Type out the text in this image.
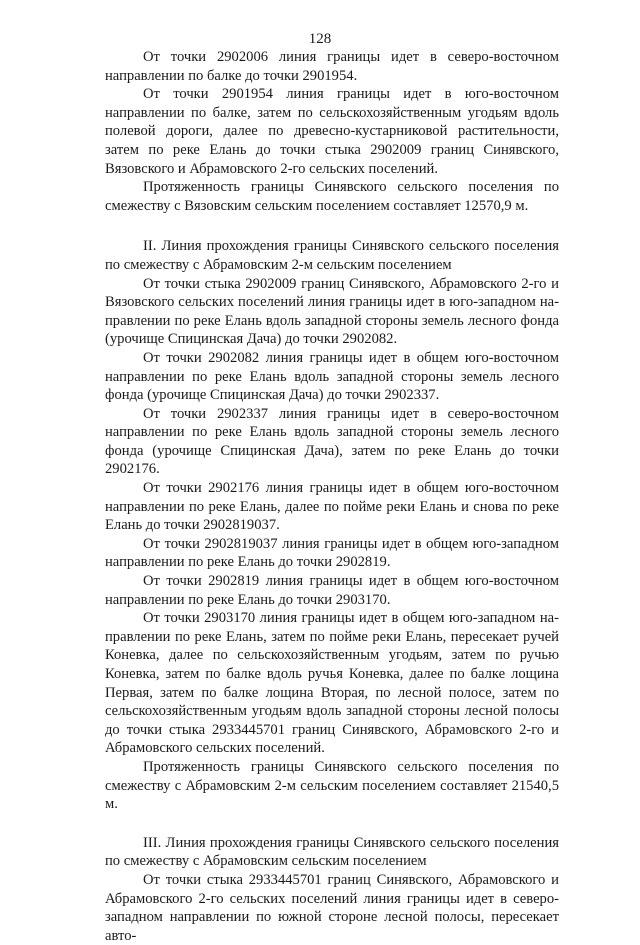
128

От точки 2902006 линия границы идет в северо-восточном направлении по балке до точки 2901954.

От точки 2901954 линия границы идет в юго-восточном направлении по балке, затем по сельскохозяйственным угодьям вдоль полевой дороги, далее по древесно-кустарниковой растительности, затем по реке Елань до точки стыка 2902009 границ Синявского, Вязовского и Абрамовского 2-го сельских поселений.

Протяженность границы Синявского сельского поселения по смежеству с Вязовским сельским поселением составляет 12570,9 м.

II. Линия прохождения границы Синявского сельского поселения по смежеству с Абрамовским 2-м сельским поселением

От точки стыка 2902009 границ Синявского, Абрамовского 2-го и Вязовского сельских поселений линия границы идет в юго-западном направлении по реке Елань вдоль западной стороны земель лесного фонда (урочище Спицинская Дача) до точки 2902082.

От точки 2902082 линия границы идет в общем юго-восточном направлении по реке Елань вдоль западной стороны земель лесного фонда (урочище Спицинская Дача) до точки 2902337.

От точки 2902337 линия границы идет в северо-восточном направлении по реке Елань вдоль западной стороны земель лесного фонда (урочище Спицинская Дача), затем по реке Елань до точки 2902176.

От точки 2902176 линия границы идет в общем юго-восточном направлении по реке Елань, далее по пойме реки Елань и снова по реке Елань до точки 2902819037.

От точки 2902819037 линия границы идет в общем юго-западном направлении по реке Елань до точки 2902819.

От точки 2902819 линия границы идет в общем юго-восточном направлении по реке Елань до точки 2903170.

От точки 2903170 линия границы идет в общем юго-западном направлении по реке Елань, затем по пойме реки Елань, пересекает ручей Коневка, далее по сельскохозяйственным угодьям, затем по ручью Коневка, затем по балке вдоль ручья Коневка, далее по балке лощина Первая, затем по балке лощина Вторая, по лесной полосе, затем по сельскохозяйственным угодьям вдоль западной стороны лесной полосы до точки стыка 2933445701 границ Синявского, Абрамовского 2-го и Абрамовского сельских поселений.

Протяженность границы Синявского сельского поселения по смежеству с Абрамовским 2-м сельским поселением составляет 21540,5 м.

III. Линия прохождения границы Синявского сельского поселения по смежеству с Абрамовским сельским поселением

От точки стыка 2933445701 границ Синявского, Абрамовского и Абрамовского 2-го сельских поселений линия границы идет в северо-западном направлении по южной стороне лесной полосы, пересекает авто-
